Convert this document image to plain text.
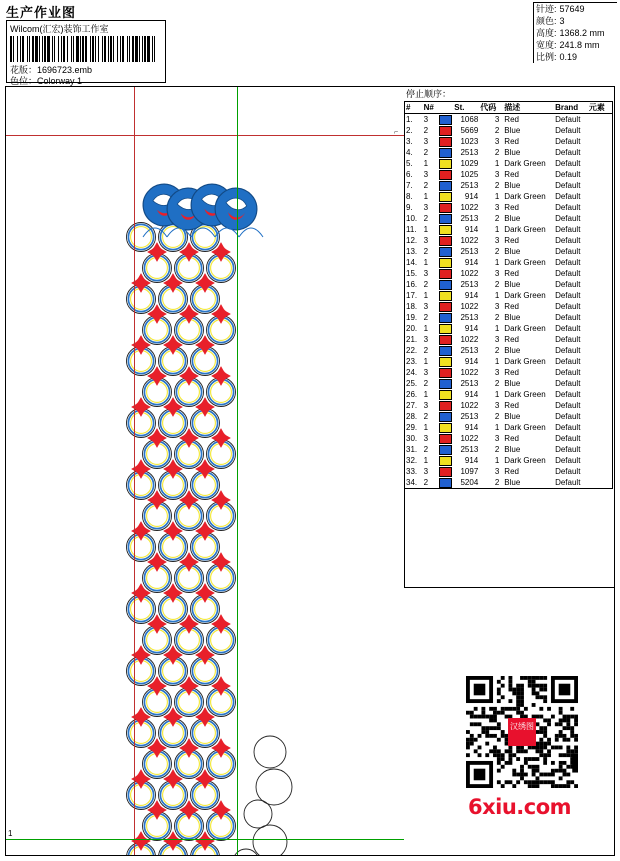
生产作业图
Wilcom(汇宏)装饰工作室
花版：1696723.emb
色位：Colorway 1
针迹: 57649
颜色: 3
高度: 1368.2 mm
宽度: 241.8 mm
比例: 0.19
⌐
1
停止顺序：
#	N#		St.	代码	描述	Brand	元素
1.	3		1068	3	Red	Default	
2.	2		5669	2	Blue	Default	
3.	3		1023	3	Red	Default	
4.	2		2513	2	Blue	Default	
5.	1		1029	1	Dark Green	Default	
6.	3		1025	3	Red	Default	
7.	2		2513	2	Blue	Default	
8.	1		914	1	Dark Green	Default	
9.	3		1022	3	Red	Default	
10.	2		2513	2	Blue	Default	
11.	1		914	1	Dark Green	Default	
12.	3		1022	3	Red	Default	
13.	2		2513	2	Blue	Default	
14.	1		914	1	Dark Green	Default	
15.	3		1022	3	Red	Default	
16.	2		2513	2	Blue	Default	
17.	1		914	1	Dark Green	Default	
18.	3		1022	3	Red	Default	
19.	2		2513	2	Blue	Default	
20.	1		914	1	Dark Green	Default	
21.	3		1022	3	Red	Default	
22.	2		2513	2	Blue	Default	
23.	1		914	1	Dark Green	Default	
24.	3		1022	3	Red	Default	
25.	2		2513	2	Blue	Default	
26.	1		914	1	Dark Green	Default	
27.	3		1022	3	Red	Default	
28.	2		2513	2	Blue	Default	
29.	1		914	1	Dark Green	Default	
30.	3		1022	3	Red	Default	
31.	2		2513	2	Blue	Default	
32.	1		914	1	Dark Green	Default	
33.	3		1097	3	Red	Default	
34.	2		5204	2	Blue	Default	
汉绣图
6xiu.com
